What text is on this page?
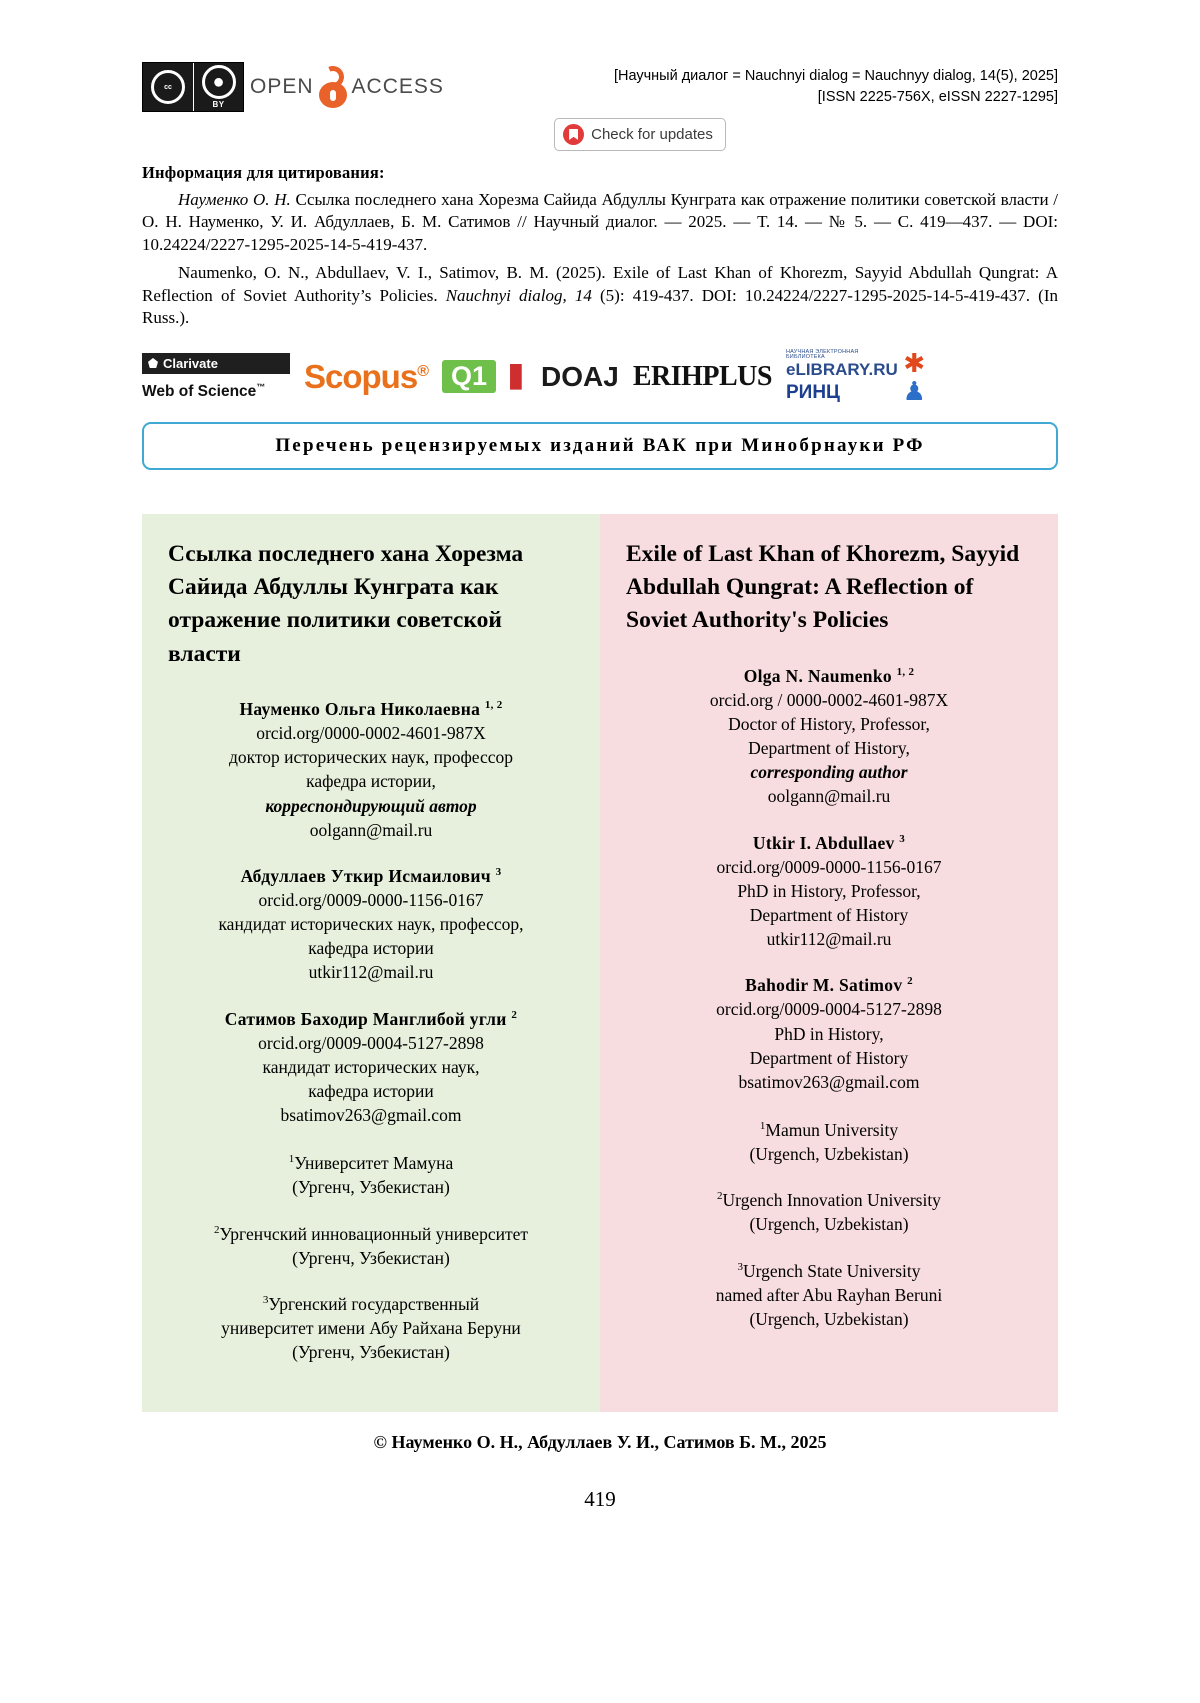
cc	●
BY
OPEN ACCESS	[Научный диалог = Nauchnyi dialog = Nauchnyy dialog, 14(5), 2025]
[ISSN 2225-756X, eISSN 2227-1295]
Check for updates
Информация для цитирования:
Науменко О. Н. Ссылка последнего хана Хорезма Сайида Абдуллы Кунграта как отражение политики советской власти / О. Н. Науменко, У. И. Абдуллаев, Б. М. Сатимов // Научный диалог. — 2025. — Т. 14. — № 5. — С. 419—437. — DOI: 10.24224/2227-1295-2025-14-5-419-437.
Naumenko, O. N., Abdullaev, V. I., Satimov, B. M. (2025). Exile of Last Khan of Khorezm, Sayyid Abdullah Qungrat: A Reflection of Soviet Authority’s Policies. Nauchnyi dialog, 14 (5): 419-437. DOI: 10.24224/2227-1295-2025-14-5-419-437. (In Russ.).
Clarivate
Web of Science™	Scopus® Q1	DOAJ ERIHPLUS
НАУЧНАЯ ЭЛЕКТРОННАЯ
БИБЛИОТЕКА
eLIBRARY.RU
РИНЦ
✱
♟
Перечень рецензируемых изданий ВАК при Минобрнауки РФ
Ссылка последнего хана Хорезма Сайида Абдуллы Кунграта как отражение политики советской власти
Науменко Ольга Николаевна $^{1, 2}$
orcid.org/0000-0002-4601-987X
доктор исторических наук, профессор
кафедра истории,
корреспондирующий автор
oolgann@mail.ru
Абдуллаев Уткир Исмаилович $^3$
orcid.org/0009-0000-1156-0167
кандидат исторических наук, профессор,
кафедра истории
utkir112@mail.ru
Сатимов Баходир Манглибой угли $^2$
orcid.org/0009-0004-5127-2898
кандидат исторических наук,
кафедра истории
bsatimov263@gmail.com
$^1$Университет Мамуна
(Ургенч, Узбекистан)
$^2$Ургенчский инновационный университет
(Ургенч, Узбекистан)
$^3$Ургенский государственный
университет имени Абу Райхана Беруни
(Ургенч, Узбекистан)
Exile of Last Khan of Khorezm, Sayyid Abdullah Qungrat: A Reflection of Soviet Authority's Policies
Olga N. Naumenko $^{1, 2}$
orcid.org / 0000-0002-4601-987X
Doctor of History, Professor,
Department of History,
corresponding author
oolgann@mail.ru
Utkir I. Abdullaev $^3$
orcid.org/0009-0000-1156-0167
PhD in History, Professor,
Department of History
utkir112@mail.ru
Bahodir M. Satimov $^2$
orcid.org/0009-0004-5127-2898
PhD in History,
Department of History
bsatimov263@gmail.com
$^1$Mamun University
(Urgench, Uzbekistan)
$^2$Urgench Innovation University
(Urgench, Uzbekistan)
$^3$Urgench State University
named after Abu Rayhan Beruni
(Urgench, Uzbekistan)
© Науменко О. Н., Абдуллаев У. И., Сатимов Б. М., 2025
419
